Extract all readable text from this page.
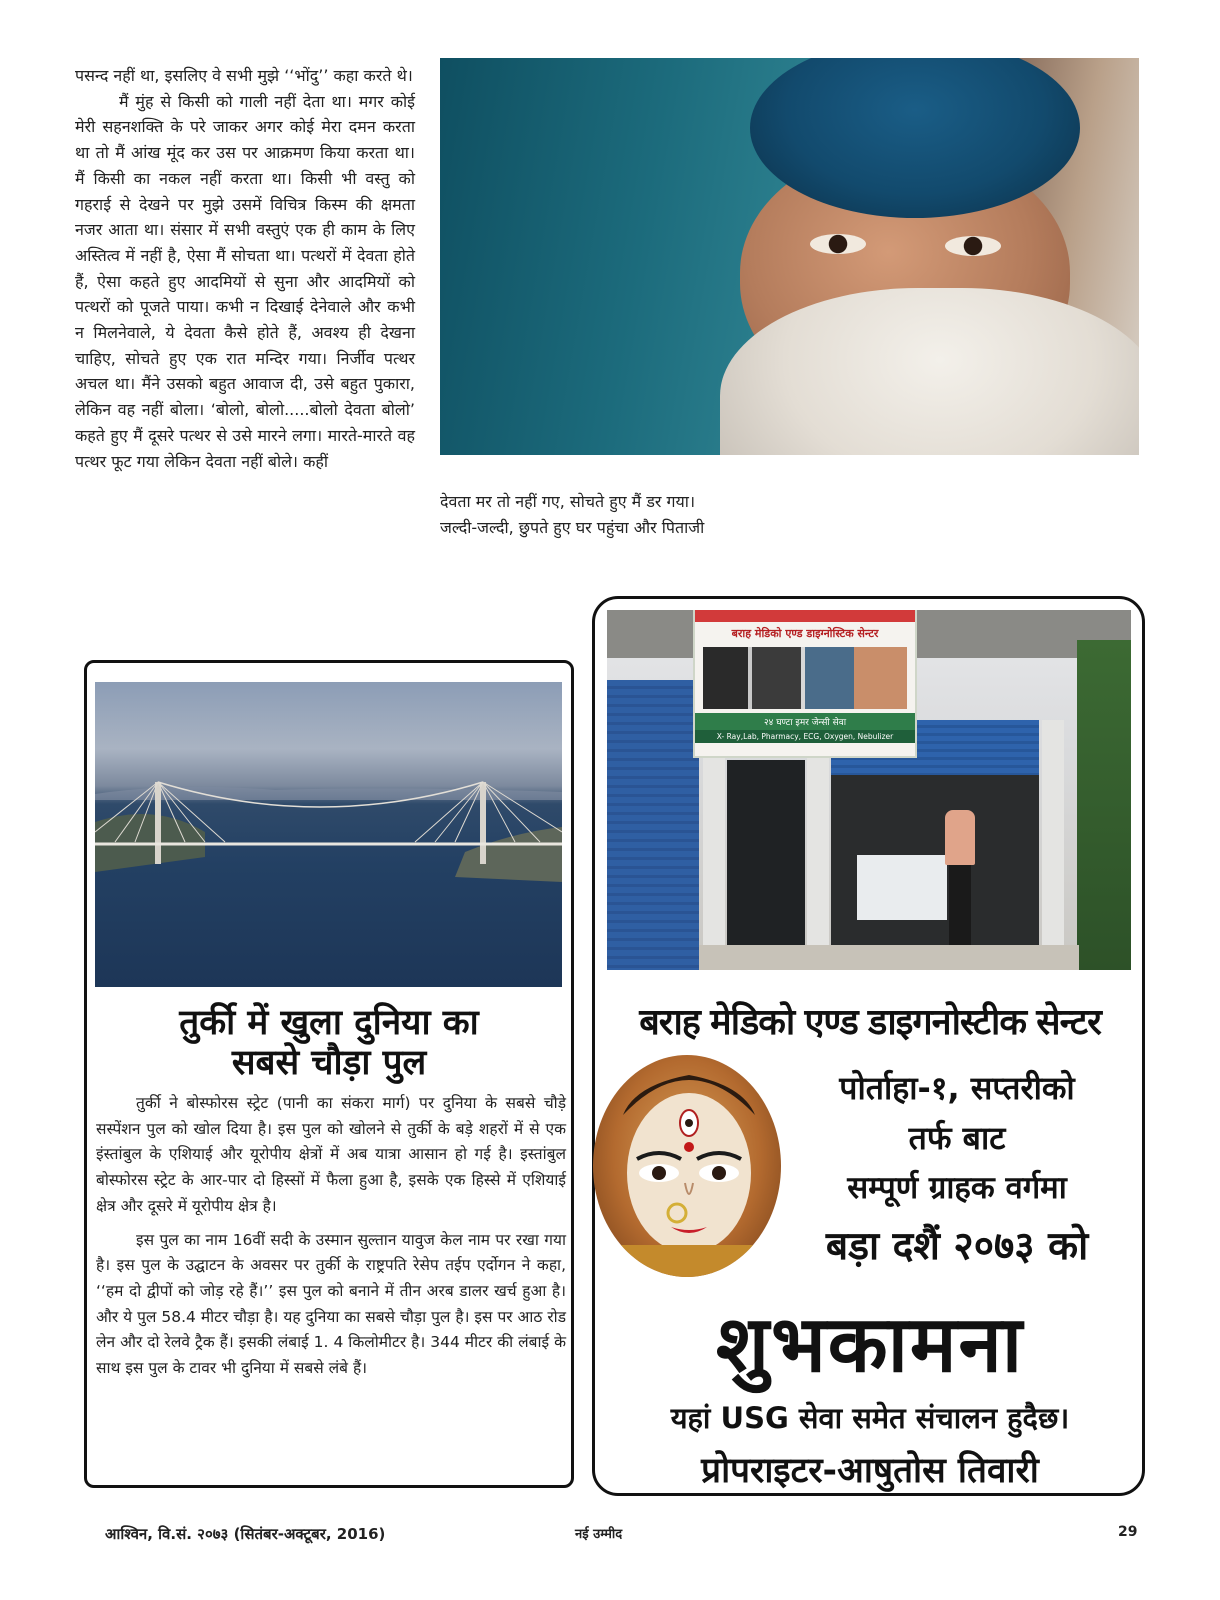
पसन्द नहीं था, इसलिए वे सभी मुझे ‘‘भोंदु’’ कहा करते थे।

मैं मुंह से किसी को गाली नहीं देता था। मगर कोई मेरी सहनशक्ति के परे जाकर अगर कोई मेरा दमन करता था तो मैं आंख मूंद कर उस पर आक्रमण किया करता था। मैं किसी का नकल नहीं करता था। किसी भी वस्तु को गहराई से देखने पर मुझे उसमें विचित्र किस्म की क्षमता नजर आता था। संसार में सभी वस्तुएं एक ही काम के लिए अस्तित्व में नहीं है, ऐसा मैं सोचता था। पत्थरों में देवता होते हैं, ऐसा कहते हुए आदमियों से सुना और आदमियों को पत्थरों को पूजते पाया। कभी न दिखाई देनेवाले और कभी न मिलनेवाले, ये देवता कैसे होते हैं, अवश्य ही देखना चाहिए, सोचते हुए एक रात मन्दिर गया। निर्जीव पत्थर अचल था। मैंने उसको बहुत आवाज दी, उसे बहुत पुकारा, लेकिन वह नहीं बोला। ‘बोलो, बोलो.....बोलो देवता बोलो’ कहते हुए मैं दूसरे पत्थर से उसे मारने लगा। मारते-मारते वह पत्थर फूट गया लेकिन देवता नहीं बोले। कहीं

देवता मर तो नहीं गए, सोचते हुए मैं डर गया।

जल्दी-जल्दी, छुपते हुए घर पहुंचा और पिताजी

तुर्की में खुला दुनिया का
सबसे चौड़ा पुल

तुर्की ने बोस्फोरस स्ट्रेट (पानी का संकरा मार्ग) पर दुनिया के सबसे चौड़े सस्पेंशन पुल को खोल दिया है। इस पुल को खोलने से तुर्की के बड़े शहरों में से एक इंस्तांबुल के एशियाई और यूरोपीय क्षेत्रों में अब यात्रा आसान हो गई है। इस्तांबुल बोस्फोरस स्ट्रेट के आर-पार दो हिस्सों में फैला हुआ है, इसके एक हिस्से में एशियाई क्षेत्र और दूसरे में यूरोपीय क्षेत्र है।

इस पुल का नाम 16वीं सदी के उस्मान सुल्तान यावुज केल नाम पर रखा गया है। इस पुल के उद्घाटन के अवसर पर तुर्की के राष्ट्रपति रेसेप तईप एर्दोगन ने कहा, ‘‘हम दो द्वीपों को जोड़ रहे हैं।’’ इस पुल को बनाने में तीन अरब डालर खर्च हुआ है। और ये पुल 58.4 मीटर चौड़ा है। यह दुनिया का सबसे चौड़ा पुल है। इस पर आठ रोड लेन और दो रेलवे ट्रैक हैं। इसकी लंबाई 1. 4 किलोमीटर है। 344 मीटर की लंबाई के साथ इस पुल के टावर भी दुनिया में सबसे लंबे हैं।

बराह मेडिको एण्ड डाइग्नोस्टिक सेन्टर
२४ घण्टा इमर जेन्सी सेवा
X- Ray,Lab, Pharmacy, ECG, Oxygen, Nebulizer
बराह मेडिको एण्ड डाइगनोस्टीक सेन्टर
पोर्ताहा-१, सप्तरीको
तर्फ बाट
सम्पूर्ण ग्राहक वर्गमा
बड़ा दशैं २०७३ को
शुभकामना
यहां USG सेवा समेत संचालन हुदैछ।
प्रोपराइटर-आषुतोस तिवारी
आश्विन, वि.सं. २०७३ (सितंबर-अक्टूबर, 2016)	नई उम्मीद	29
